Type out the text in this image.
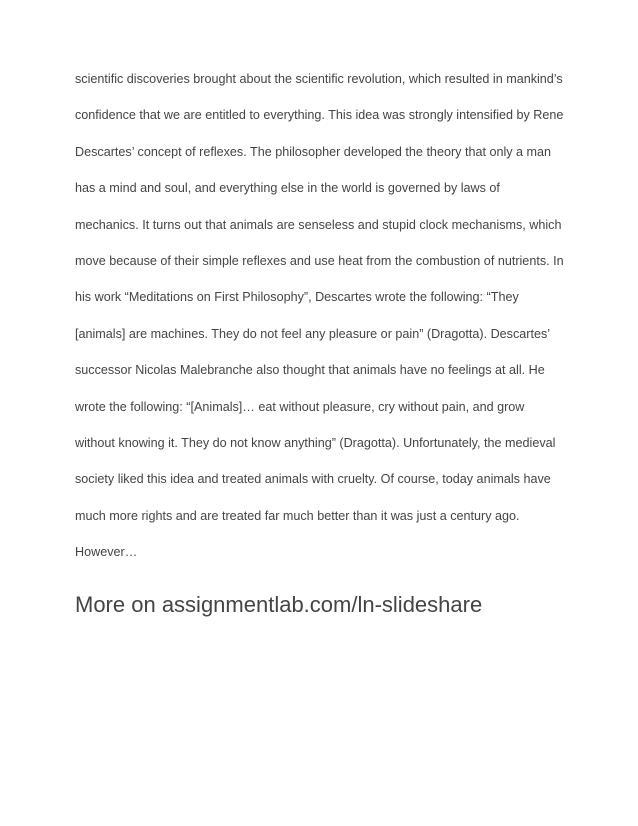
scientific discoveries brought about the scientific revolution, which resulted in mankind’s
confidence that we are entitled to everything. This idea was strongly intensified by Rene
Descartes’ concept of reflexes. The philosopher developed the theory that only a man
has a mind and soul, and everything else in the world is governed by laws of
mechanics. It turns out that animals are senseless and stupid clock mechanisms, which
move because of their simple reflexes and use heat from the combustion of nutrients. In
his work “Meditations on First Philosophy”, Descartes wrote the following: “They
[animals] are machines. They do not feel any pleasure or pain” (Dragotta). Descartes’
successor Nicolas Malebranche also thought that animals have no feelings at all. He
wrote the following: “[Animals]… eat without pleasure, cry without pain, and grow
without knowing it. They do not know anything” (Dragotta). Unfortunately, the medieval
society liked this idea and treated animals with cruelty. Of course, today animals have
much more rights and are treated far much better than it was just a century ago.
However…
More on assignmentlab.com/ln-slideshare
